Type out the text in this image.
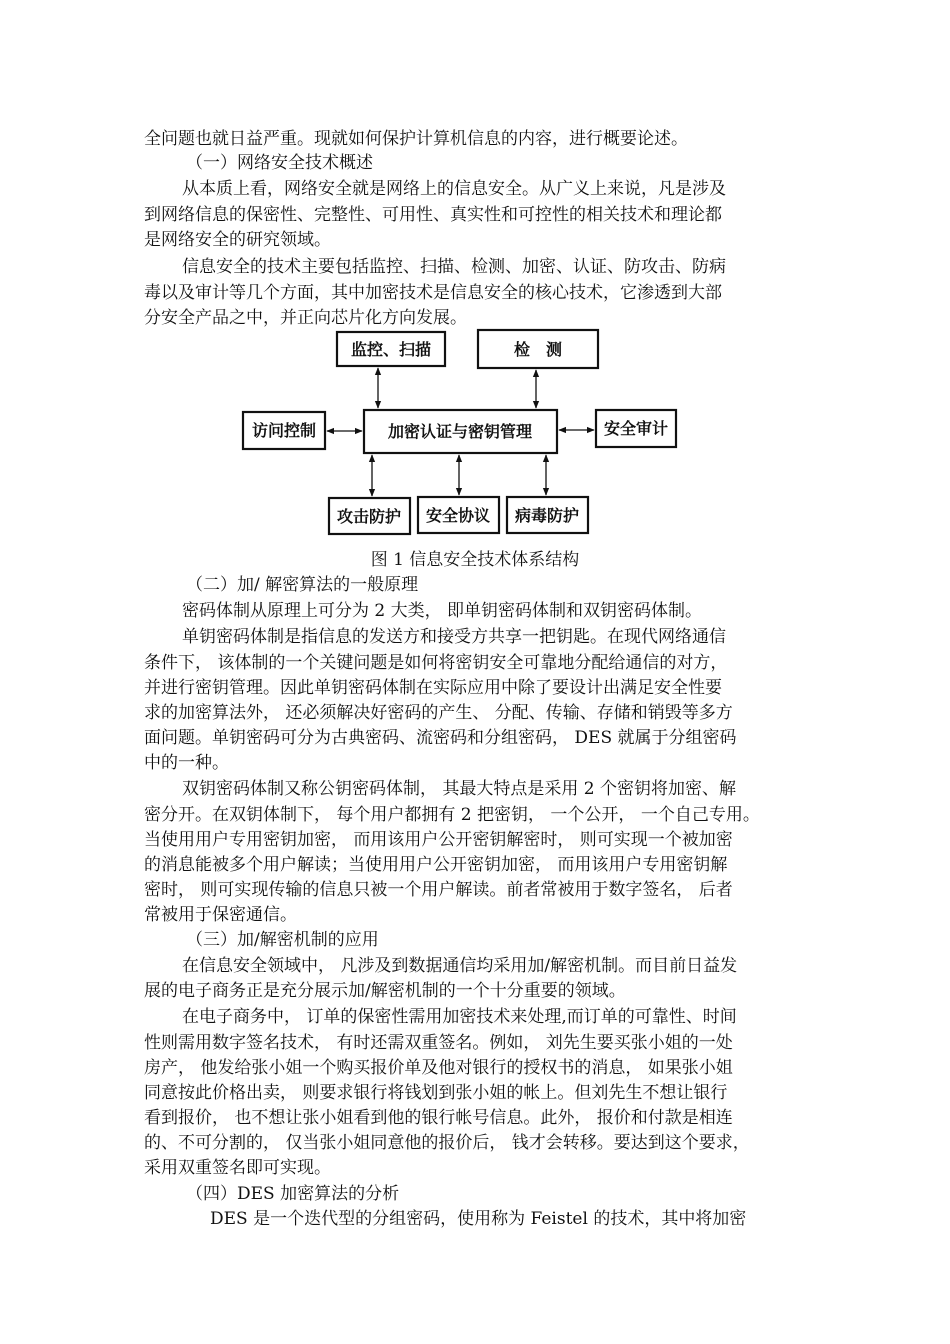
全问题也就日益严重。现就如何保护计算机信息的内容，进行概要论述。
（一）网络安全技术概述
从本质上看，网络安全就是网络上的信息安全。从广义上来说，凡是涉及
到网络信息的保密性、完整性、可用性、真实性和可控性的相关技术和理论都
是网络安全的研究领域。
信息安全的技术主要包括监控、扫描、检测、加密、认证、防攻击、防病
毒以及审计等几个方面，其中加密技术是信息安全的核心技术，它渗透到大部
分安全产品之中，并正向芯片化方向发展。
监控、扫描	检　测
加密认证与密钥管理
访问控制	安全审计
攻击防护 安全协议 病毒防护
图 1 信息安全技术体系结构
（二）加/ 解密算法的一般原理
密码体制从原理上可分为 2 大类， 即单钥密码体制和双钥密码体制。
单钥密码体制是指信息的发送方和接受方共享一把钥匙。在现代网络通信
条件下， 该体制的一个关键问题是如何将密钥安全可靠地分配给通信的对方，
并进行密钥管理。因此单钥密码体制在实际应用中除了要设计出满足安全性要
求的加密算法外， 还必须解决好密码的产生、 分配、传输、存储和销毁等多方
面问题。单钥密码可分为古典密码、流密码和分组密码， DES 就属于分组密码
中的一种。
双钥密码体制又称公钥密码体制， 其最大特点是采用 2 个密钥将加密、解
密分开。在双钥体制下， 每个用户都拥有 2 把密钥， 一个公开， 一个自己专用。
当使用用户专用密钥加密， 而用该用户公开密钥解密时， 则可实现一个被加密
的消息能被多个用户解读；当使用用户公开密钥加密， 而用该用户专用密钥解
密时， 则可实现传输的信息只被一个用户解读。前者常被用于数字签名， 后者
常被用于保密通信。
（三）加/解密机制的应用
在信息安全领域中， 凡涉及到数据通信均采用加/解密机制。而目前日益发
展的电子商务正是充分展示加/解密机制的一个十分重要的领域。
在电子商务中， 订单的保密性需用加密技术来处理,而订单的可靠性、时间
性则需用数字签名技术， 有时还需双重签名。例如， 刘先生要买张小姐的一处
房产， 他发给张小姐一个购买报价单及他对银行的授权书的消息， 如果张小姐
同意按此价格出卖， 则要求银行将钱划到张小姐的帐上。但刘先生不想让银行
看到报价， 也不想让张小姐看到他的银行帐号信息。此外， 报价和付款是相连
的、不可分割的， 仅当张小姐同意他的报价后， 钱才会转移。要达到这个要求，
采用双重签名即可实现。
（四）DES 加密算法的分析
DES 是一个迭代型的分组密码，使用称为 Feistel 的技术，其中将加密
